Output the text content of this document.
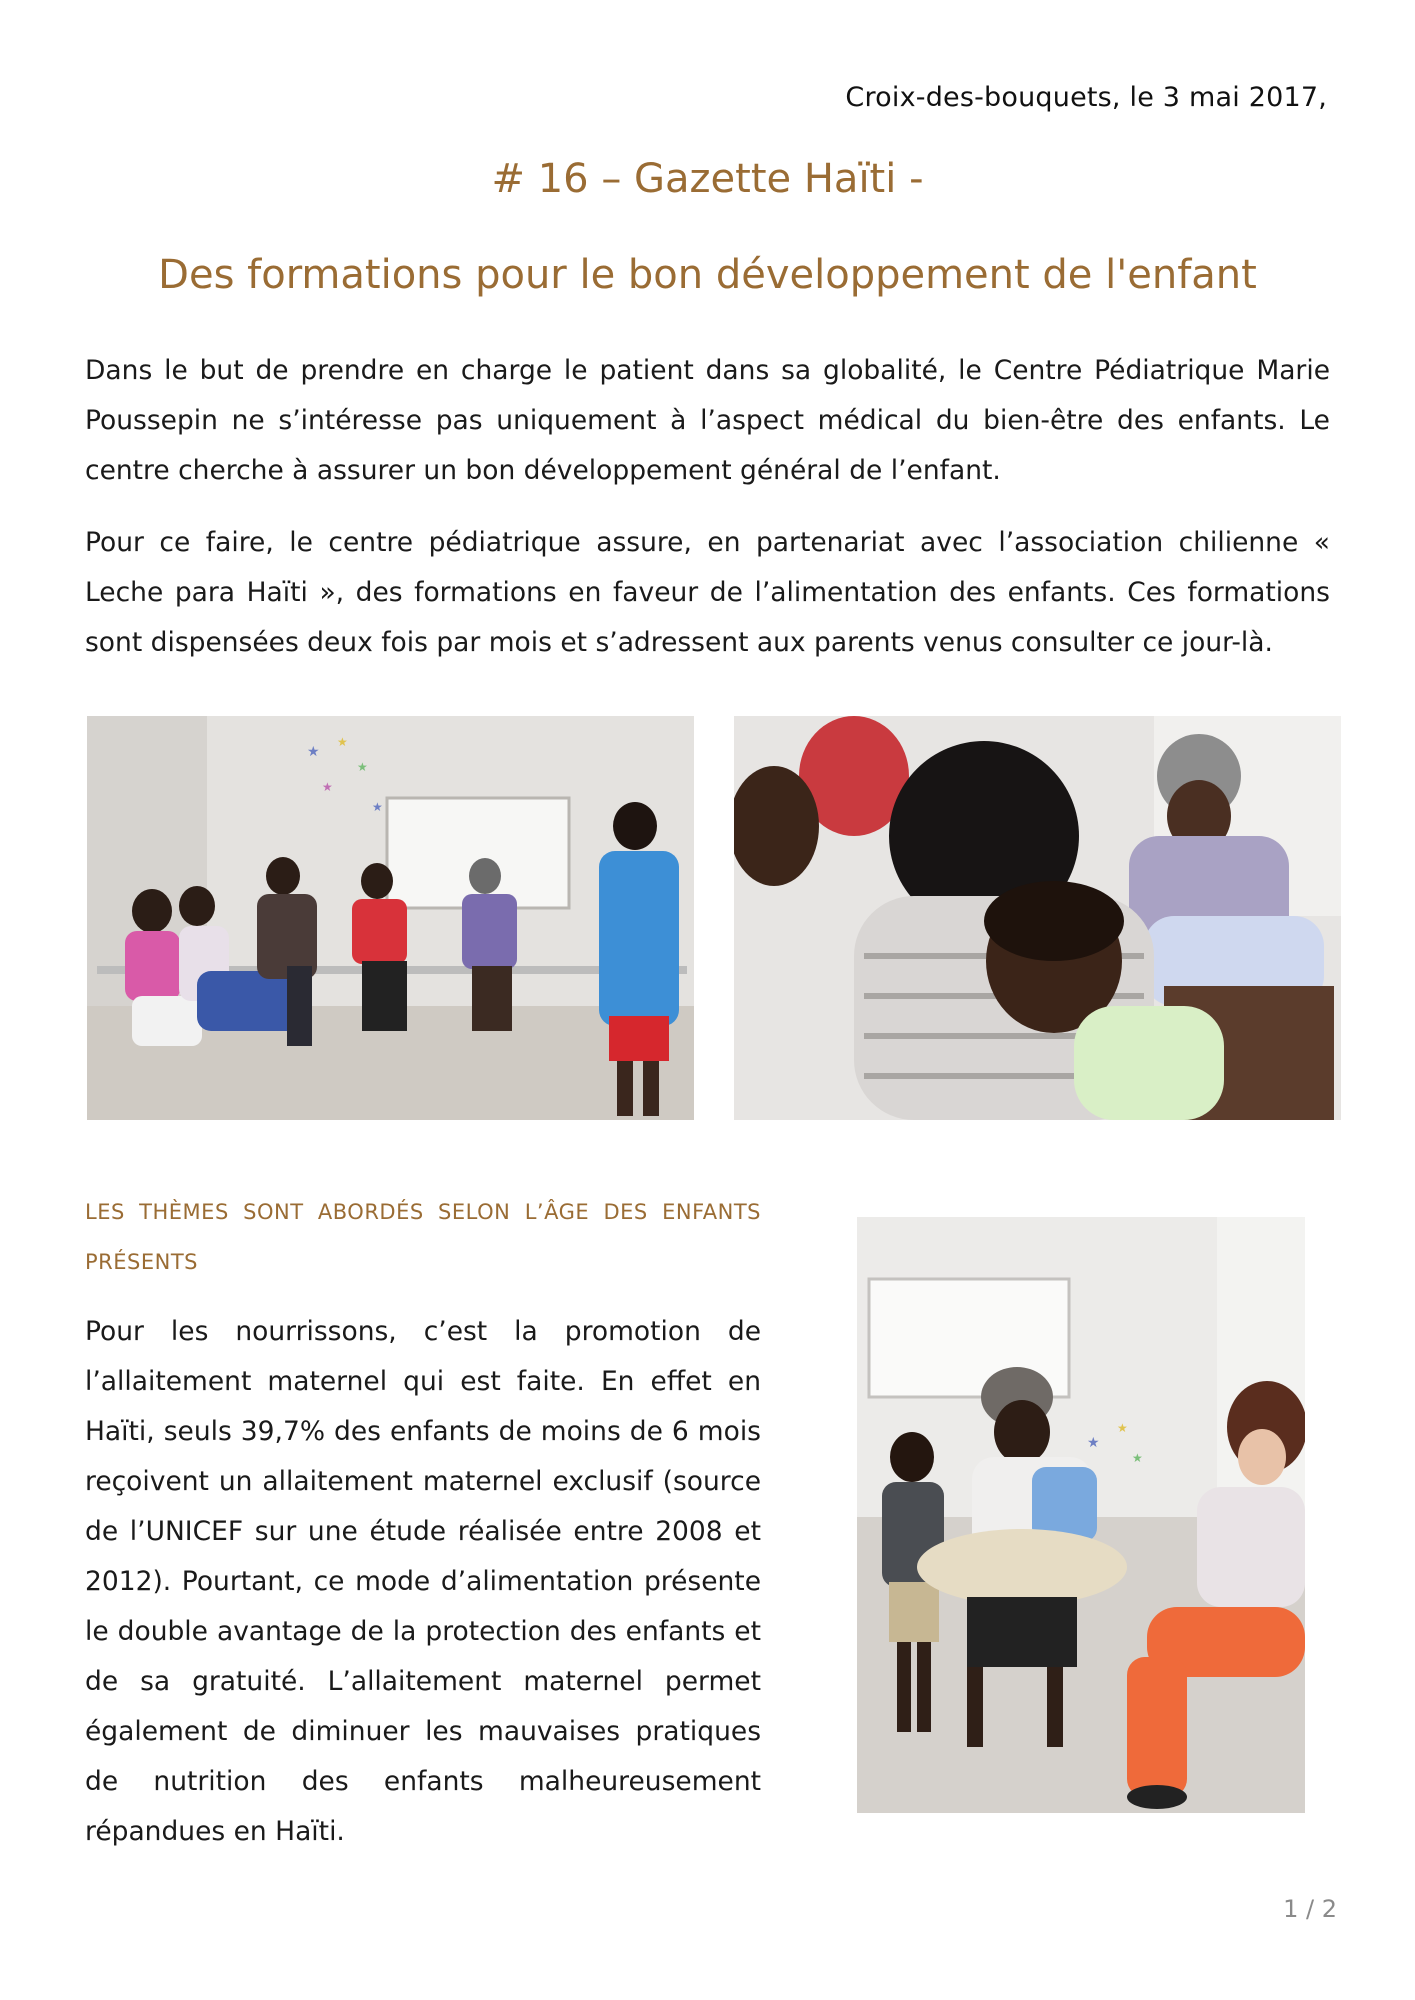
Croix-des-bouquets, le 3 mai 2017,
# 16 – Gazette Haïti -
Des formations pour le bon développement de l'enfant

Dans le but de prendre en charge le patient dans sa globalité, le Centre Pédiatrique Marie Poussepin ne s’intéresse pas uniquement à l’aspect médical du bien-être des enfants. Le centre cherche à assurer un bon développement général de l’enfant.

Pour ce faire, le centre pédiatrique assure, en partenariat avec l’association chilienne « Leche para Haïti », des formations en faveur de l’alimentation des enfants. Ces formations sont dispensées deux fois par mois et s’adressent aux parents venus consulter ce jour-là.

★
★
★
★
★
LES THÈMES SONT ABORDÉS SELON L’ÂGE DES ENFANTS PRÉSENTS

Pour les nourrissons, c’est la promotion de l’allaitement maternel qui est faite. En effet en Haïti, seuls 39,7% des enfants de moins de 6 mois reçoivent un allaitement maternel exclusif (source de l’UNICEF sur une étude réalisée entre 2008 et 2012). Pourtant, ce mode d’alimentation présente le double avantage de la protection des enfants et de sa gratuité. L’allaitement maternel permet également de diminuer les mauvaises pratiques de nutrition des enfants malheureusement répandues en Haïti.

★
★
★
1 / 2
